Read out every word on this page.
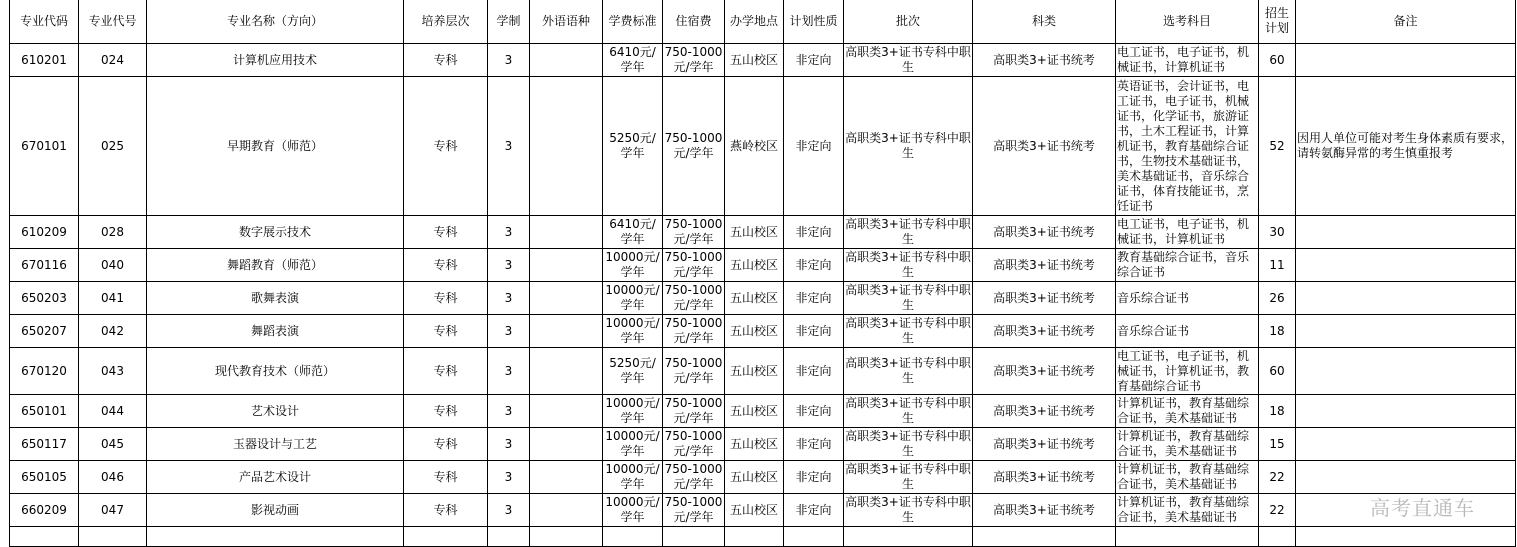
专业代码	专业代号	专业名称（方向）	培养层次	学制	外语语种	学费标准	住宿费	办学地点	计划性质	批次	科类	选考科目	招生计划	备注
610201	024	计算机应用技术	专科	3		6410元/学年	750-1000元/学年	五山校区	非定向	高职类3+证书专科中职生	高职类3+证书统考	电工证书，电子证书，机械证书，计算机证书	60	
670101	025	早期教育（师范）	专科	3		5250元/学年	750-1000元/学年	燕岭校区	非定向	高职类3+证书专科中职生	高职类3+证书统考	英语证书，会计证书，电工证书，电子证书，机械证书，化学证书，旅游证书，土木工程证书，计算机证书，教育基础综合证书，生物技术基础证书，美术基础证书，音乐综合证书，体育技能证书，烹饪证书	52	因用人单位可能对考生身体素质有要求，请转氨酶异常的考生慎重报考
610209	028	数字展示技术	专科	3		6410元/学年	750-1000元/学年	五山校区	非定向	高职类3+证书专科中职生	高职类3+证书统考	电工证书，电子证书，机械证书，计算机证书	30	
670116	040	舞蹈教育（师范）	专科	3		10000元/学年	750-1000元/学年	五山校区	非定向	高职类3+证书专科中职生	高职类3+证书统考	教育基础综合证书，音乐综合证书	11	
650203	041	歌舞表演	专科	3		10000元/学年	750-1000元/学年	五山校区	非定向	高职类3+证书专科中职生	高职类3+证书统考	音乐综合证书	26	
650207	042	舞蹈表演	专科	3		10000元/学年	750-1000元/学年	五山校区	非定向	高职类3+证书专科中职生	高职类3+证书统考	音乐综合证书	18	
670120	043	现代教育技术（师范）	专科	3		5250元/学年	750-1000元/学年	五山校区	非定向	高职类3+证书专科中职生	高职类3+证书统考	电工证书，电子证书，机械证书，计算机证书，教育基础综合证书	60	
650101	044	艺术设计	专科	3		10000元/学年	750-1000元/学年	五山校区	非定向	高职类3+证书专科中职生	高职类3+证书统考	计算机证书，教育基础综合证书，美术基础证书	18	
650117	045	玉器设计与工艺	专科	3		10000元/学年	750-1000元/学年	五山校区	非定向	高职类3+证书专科中职生	高职类3+证书统考	计算机证书，教育基础综合证书，美术基础证书	15	
650105	046	产品艺术设计	专科	3		10000元/学年	750-1000元/学年	五山校区	非定向	高职类3+证书专科中职生	高职类3+证书统考	计算机证书，教育基础综合证书，美术基础证书	22	
660209	047	影视动画	专科	3		10000元/学年	750-1000元/学年	五山校区	非定向	高职类3+证书专科中职生	高职类3+证书统考	计算机证书，教育基础综合证书，美术基础证书	22	
															高考直通车
